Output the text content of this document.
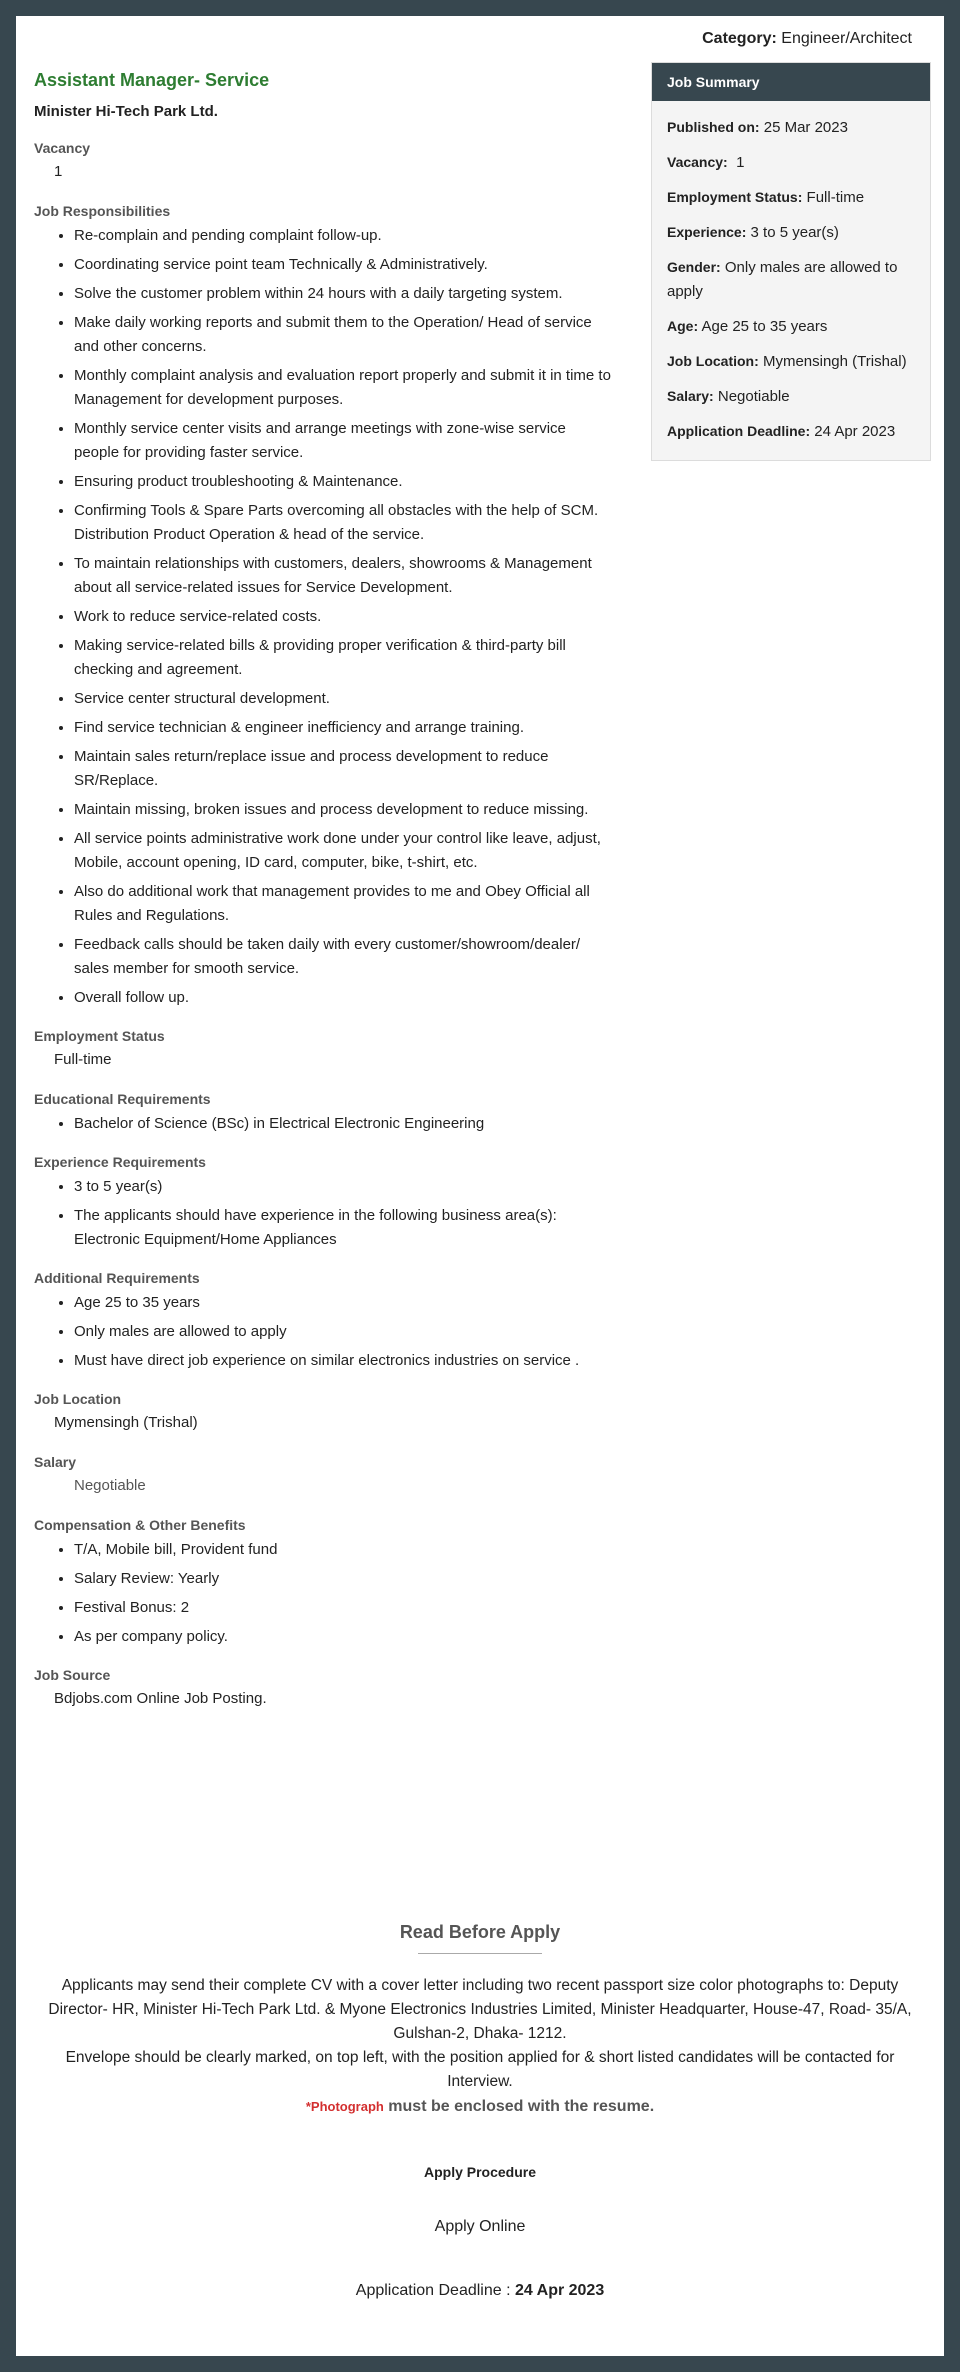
Category: Engineer/Architect
Assistant Manager- Service
Minister Hi-Tech Park Ltd.
Vacancy
1
Job Responsibilities
• Re-complain and pending complaint follow-up.
• Coordinating service point team Technically & Administratively.
• Solve the customer problem within 24 hours with a daily targeting system.
• Make daily working reports and submit them to the Operation/ Head of service and other concerns.
• Monthly complaint analysis and evaluation report properly and submit it in time to Management for development purposes.
• Monthly service center visits and arrange meetings with zone-wise service people for providing faster service.
• Ensuring product troubleshooting & Maintenance.
• Confirming Tools & Spare Parts overcoming all obstacles with the help of SCM. Distribution Product Operation & head of the service.
• To maintain relationships with customers, dealers, showrooms & Management about all service-related issues for Service Development.
• Work to reduce service-related costs.
• Making service-related bills & providing proper verification & third-party bill checking and agreement.
• Service center structural development.
• Find service technician & engineer inefficiency and arrange training.
• Maintain sales return/replace issue and process development to reduce SR/Replace.
• Maintain missing, broken issues and process development to reduce missing.
• All service points administrative work done under your control like leave, adjust, Mobile, account opening, ID card, computer, bike, t-shirt, etc.
• Also do additional work that management provides to me and Obey Official all Rules and Regulations.
• Feedback calls should be taken daily with every customer/showroom/dealer/ sales member for smooth service.
• Overall follow up.
Employment Status
Full-time
Educational Requirements
• Bachelor of Science (BSc) in Electrical Electronic Engineering
Experience Requirements
• 3 to 5 year(s)
• The applicants should have experience in the following business area(s):
Electronic Equipment/Home Appliances
Additional Requirements
• Age 25 to 35 years
• Only males are allowed to apply
• Must have direct job experience on similar electronics industries on service .
Job Location
Mymensingh (Trishal)
Salary
Negotiable
Compensation & Other Benefits
• T/A, Mobile bill, Provident fund
• Salary Review: Yearly
• Festival Bonus: 2
• As per company policy.
Job Source
Bdjobs.com Online Job Posting.
Job Summary
Published on: 25 Mar 2023
Vacancy: 1
Employment Status: Full-time
Experience: 3 to 5 year(s)
Gender: Only males are allowed to apply
Age: Age 25 to 35 years
Job Location: Mymensingh (Trishal)
Salary: Negotiable
Application Deadline: 24 Apr 2023
Read Before Apply
Applicants may send their complete CV with a cover letter including two recent passport size color photographs to: Deputy Director- HR, Minister Hi-Tech Park Ltd. & Myone Electronics Industries Limited, Minister Headquarter, House-47, Road- 35/A, Gulshan-2, Dhaka- 1212.
Envelope should be clearly marked, on top left, with the position applied for & short listed candidates will be contacted for Interview.
*Photograph must be enclosed with the resume.
Apply Procedure
Apply Online
Application Deadline : 24 Apr 2023
